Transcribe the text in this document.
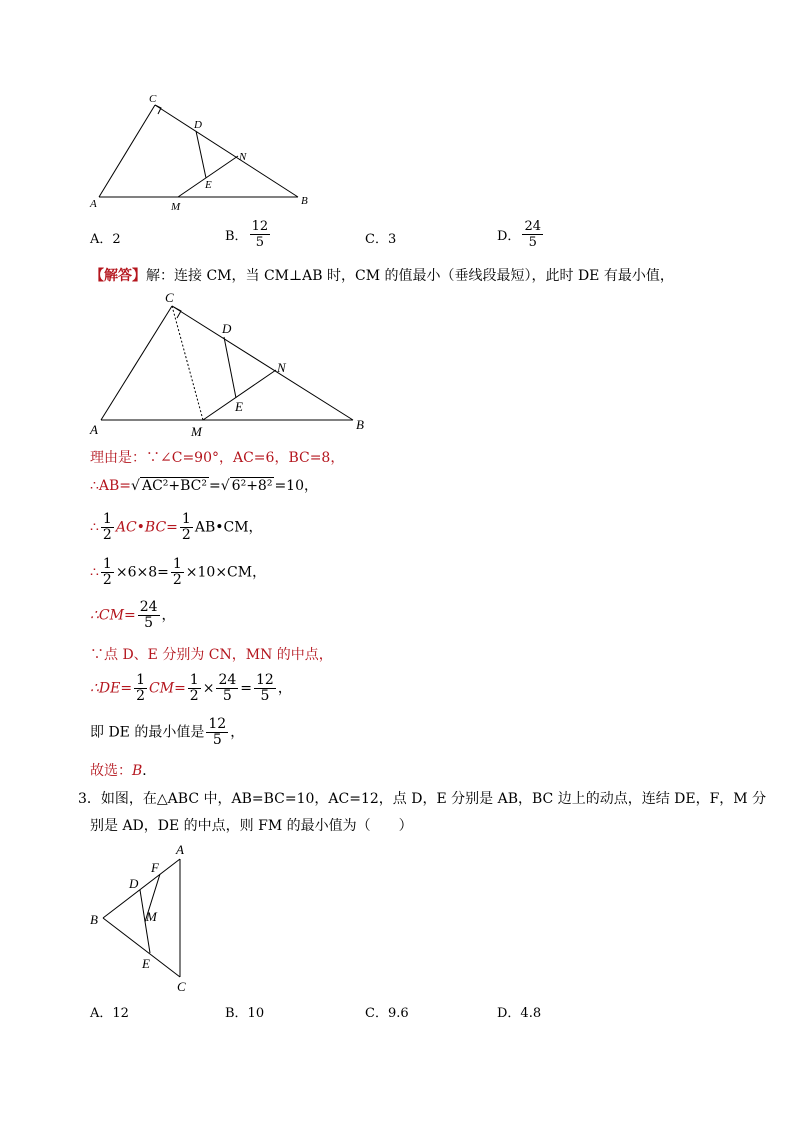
C
D
N
E
A	M	B
A．2	B． $\frac{12}{5}$	C．3	D． $\frac{24}{5}$
【解答】解：连接 CM，当 CM⊥AB 时，CM 的值最小（垂线段最短），此时 DE 有最小值，
C
D
N
E
A	M	B
理由是：∵∠C=90°，AC=6，BC=8，
∴AB=√ AC²+BC² =√ 6²+8² =10，
∴ $\frac{1}{2}$ AC•BC= $\frac{1}{2}$ AB•CM，
∴ $\frac{1}{2} \times 6\times 8= \frac{1}{2} \times 10\times CM$，
∴CM= $\frac{24}{5}$ ，
∵点 D、E 分别为 CN，MN 的中点，
∴DE= $\frac{1}{2} CM= \frac{1}{2} \times \frac{24}{5} = \frac{12}{5}$ ，
即 DE 的最小值是 $\frac{12}{5}$ ，
故选：B．
3．如图，在△ABC 中，AB=BC=10，AC=12，点 D，E 分别是 AB，BC 边上的动点，连结 DE，F，M 分
别是 AD，DE 的中点，则 FM 的最小值为（　　）
A
F
D
B	M
E
C
A．12	B．10	C．9.6	D．4.8
